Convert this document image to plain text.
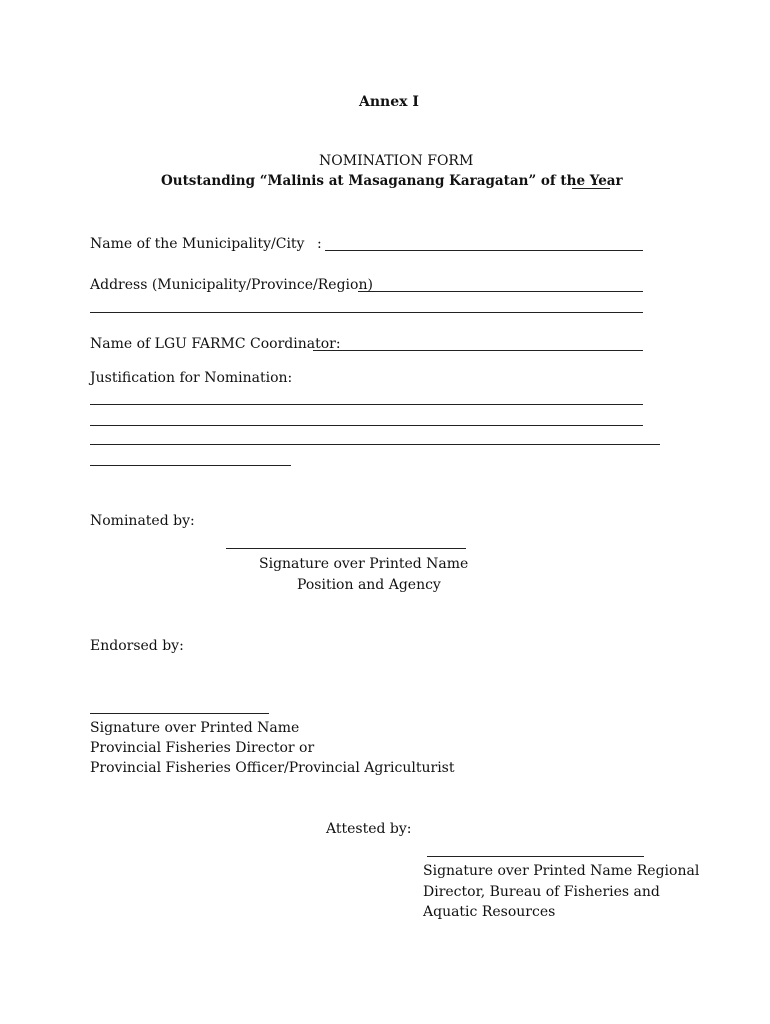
Annex I
NOMINATION FORM
Outstanding “Malinis at Masaganang Karagatan” of the Year
Name of the Municipality/City :
Address (Municipality/Province/Region)
Name of LGU FARMC Coordinator:
Justification for Nomination:
Nominated by:
Signature over Printed Name
Position and Agency
Endorsed by:
Signature over Printed Name
Provincial Fisheries Director or
Provincial Fisheries Officer/Provincial Agriculturist
Attested by:
Signature over Printed Name Regional
Director, Bureau of Fisheries and
Aquatic Resources
